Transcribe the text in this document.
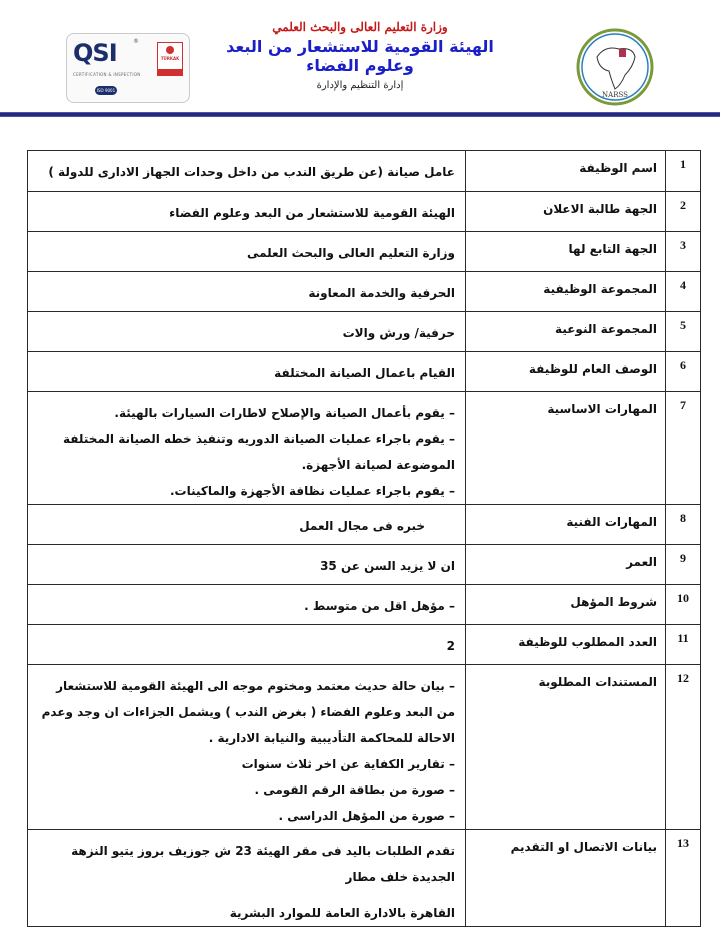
QSI	®
CERTIFICATION & INSPECTION
ISO 9001
TÜRKAK
وزارة التعليم العالى والبحث العلمي
الهيئة القومية للاستشعار من البعد
وعلوم الفضاء
إدارة التنظيم والإدارة
NARSS
1	اسم الوظيفة	عامل صيانة (عن طريق الندب من داخل وحدات الجهاز الادارى للدولة )

2	الجهة طالبة الاعلان	الهيئة القومية للاستشعار من البعد وعلوم الفضاء

3	الجهة التابع لها	وزارة التعليم العالى والبحث العلمى

4	المجموعة الوظيفية	الحرفية والخدمة المعاونة

5	المجموعة النوعية	حرفية/ ورش والات

6	الوصف العام للوظيفة	القيام باعمال الصيانة المختلفة

7	المهارات الاساسية	– يقوم بأعمال الصيانة والإصلاح لاطارات السيارات بالهيئة.
– يقوم باجراء عمليات الصيانة الدوريه وتنفيذ خطه الصيانة المختلفة الموضوعة لصيانة الأجهزة.
– يقوم باجراء عمليات نظافة الأجهزة والماكينات.

8	المهارات الفنية	خبره فى مجال العمل

9	العمر	ان لا يزيد السن عن 35

10	شروط المؤهل	– مؤهل اقل من متوسط .

11	العدد المطلوب للوظيفة	2

12	المستندات المطلوبة	– بيان حالة حديث معتمد ومختوم موجه الى الهيئة القومية للاستشعار من البعد وعلوم الفضاء ( بغرض الندب ) ويشمل الجزاءات ان وجد وعدم الاحالة للمحاكمة التأديبية والنيابة الادارية .
– تقارير الكفاية عن اخر ثلاث سنوات
– صورة من بطاقة الرقم القومى .
– صورة من المؤهل الدراسى .

13	بيانات الاتصال او التقديم	تقدم الطلبات باليد فى مقر الهيئة 23 ش جوزيف بروز يتيو النزهة الجديدة خلف مطار
القاهرة بالادارة العامة للموارد البشرية
